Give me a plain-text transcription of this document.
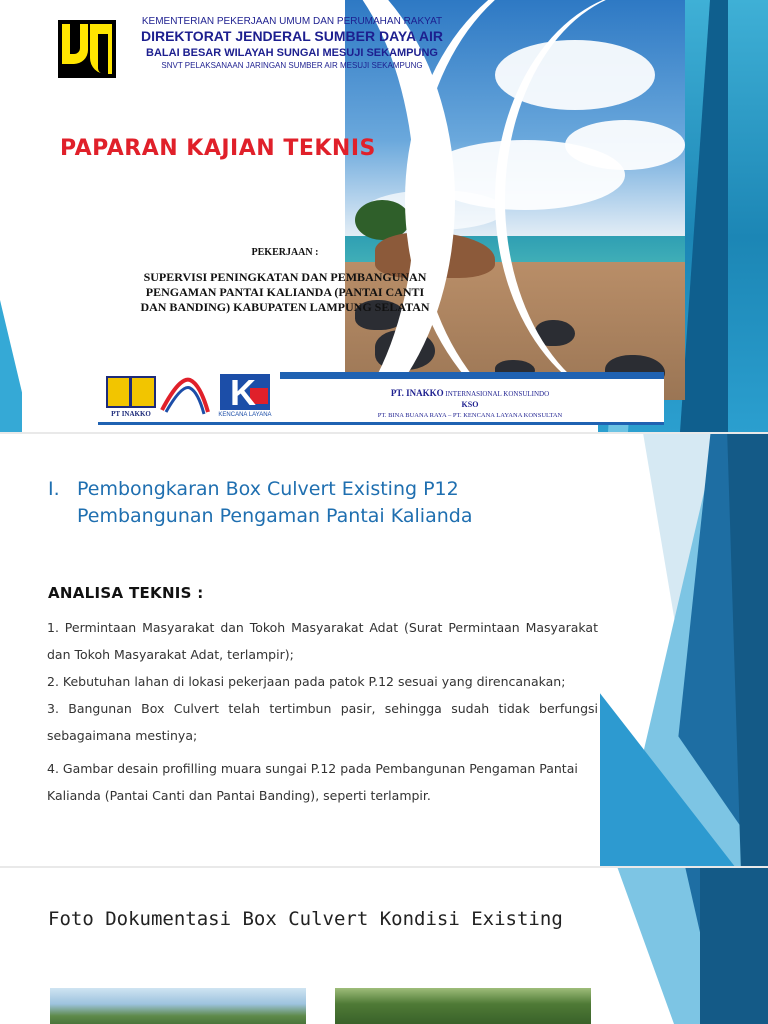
KEMENTERIAN PEKERJAAN UMUM DAN PERUMAHAN RAKYAT
DIREKTORAT JENDERAL SUMBER DAYA AIR
BALAI BESAR WILAYAH SUNGAI MESUJI SEKAMPUNG
SNVT PELAKSANAAN JARINGAN SUMBER AIR MESUJI SEKAMPUNG
PAPARAN KAJIAN TEKNIS
PEKERJAAN :
SUPERVISI PENINGKATAN DAN PEMBANGUNAN
PENGAMAN PANTAI KALIANDA (PANTAI CANTI
DAN BANDING) KABUPATEN LAMPUNG SELATAN
PT INAKKO
K
KENCANA LAYANA
PT. INAKKO INTERNASIONAL KONSULINDO
KSO
PT. BINA BUANA RAYA – PT. KENCANA LAYANA KONSULTAN
I. Pembongkaran Box Culvert Existing P12
Pembangunan Pengaman Pantai Kalianda
ANALISA TEKNIS :

1. Permintaan Masyarakat dan Tokoh Masyarakat Adat (Surat Permintaan Masyarakat dan Tokoh Masyarakat Adat, terlampir);

2. Kebutuhan lahan di lokasi pekerjaan pada patok P.12 sesuai yang direncanakan;

3. Bangunan Box Culvert telah tertimbun pasir, sehingga sudah tidak berfungsi sebagaimana mestinya;

4. Gambar desain profilling muara sungai P.12 pada Pembangunan Pengaman Pantai Kalianda (Pantai Canti dan Pantai Banding), seperti terlampir.

Foto Dokumentasi Box Culvert Kondisi Existing
